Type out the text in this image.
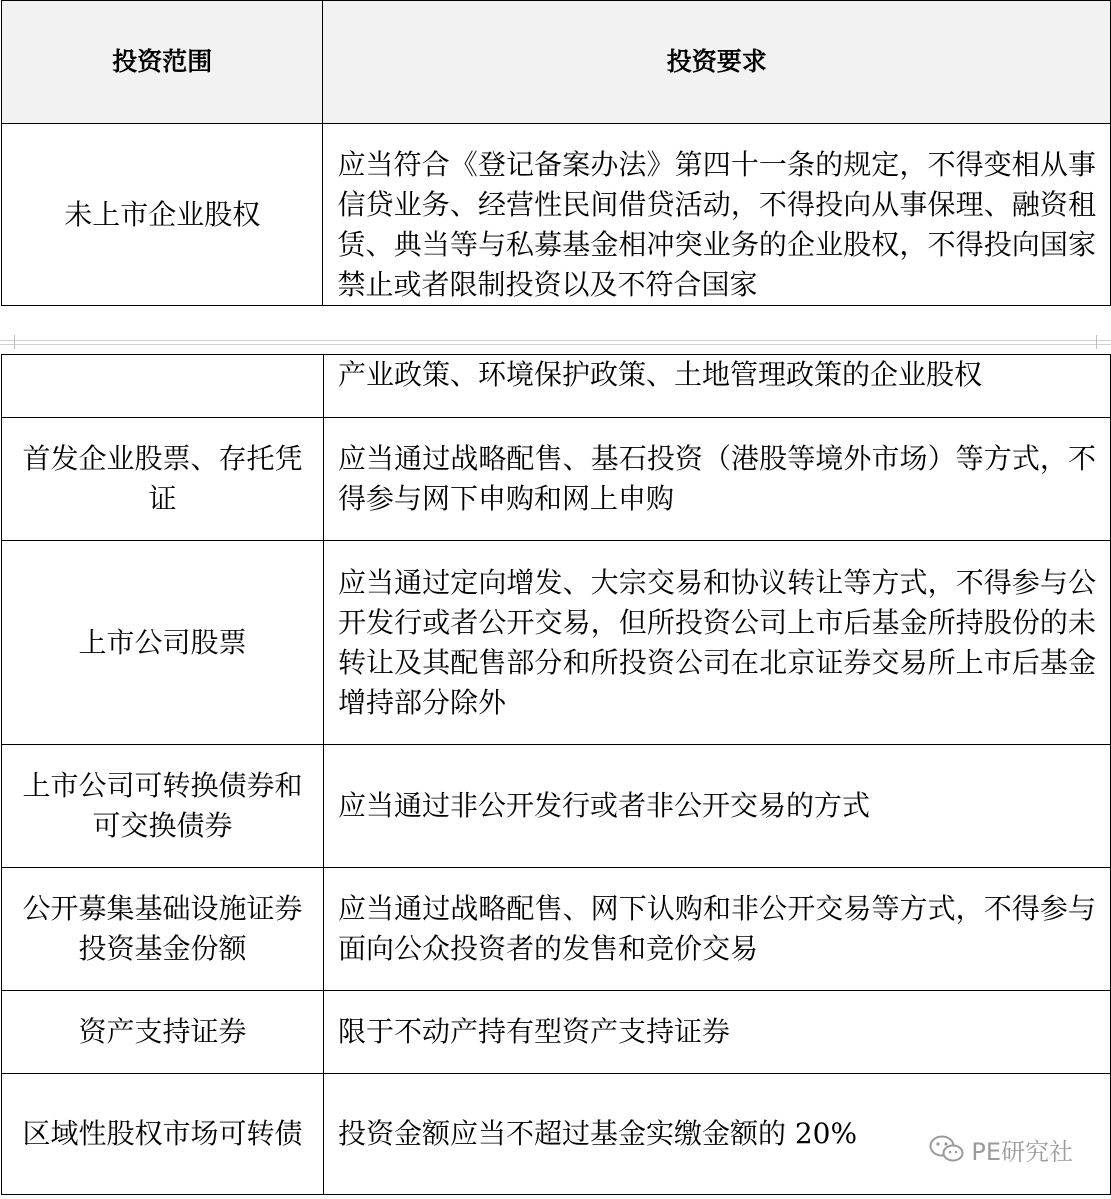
投资范围	投资要求

未上市企业股权	应当符合《登记备案办法》第四十一条的规定，不得变相从事信贷业务、经营性民间借贷活动，不得投向从事保理、融资租赁、典当等与私募基金相冲突业务的企业股权，不得投向国家禁止或者限制投资以及不符合国家

	产业政策、环境保护政策、土地管理政策的企业股权

首发企业股票、存托凭证	应当通过战略配售、基石投资（港股等境外市场）等方式，不得参与网下申购和网上申购

上市公司股票	应当通过定向增发、大宗交易和协议转让等方式，不得参与公开发行或者公开交易，但所投资公司上市后基金所持股份的未转让及其配售部分和所投资公司在北京证券交易所上市后基金增持部分除外

上市公司可转换债券和可交换债券	应当通过非公开发行或者非公开交易的方式

公开募集基础设施证券投资基金份额	应当通过战略配售、网下认购和非公开交易等方式，不得参与面向公众投资者的发售和竞价交易

资产支持证券	限于不动产持有型资产支持证券

区域性股权市场可转债	投资金额应当不超过基金实缴金额的 20%
PE研究社
